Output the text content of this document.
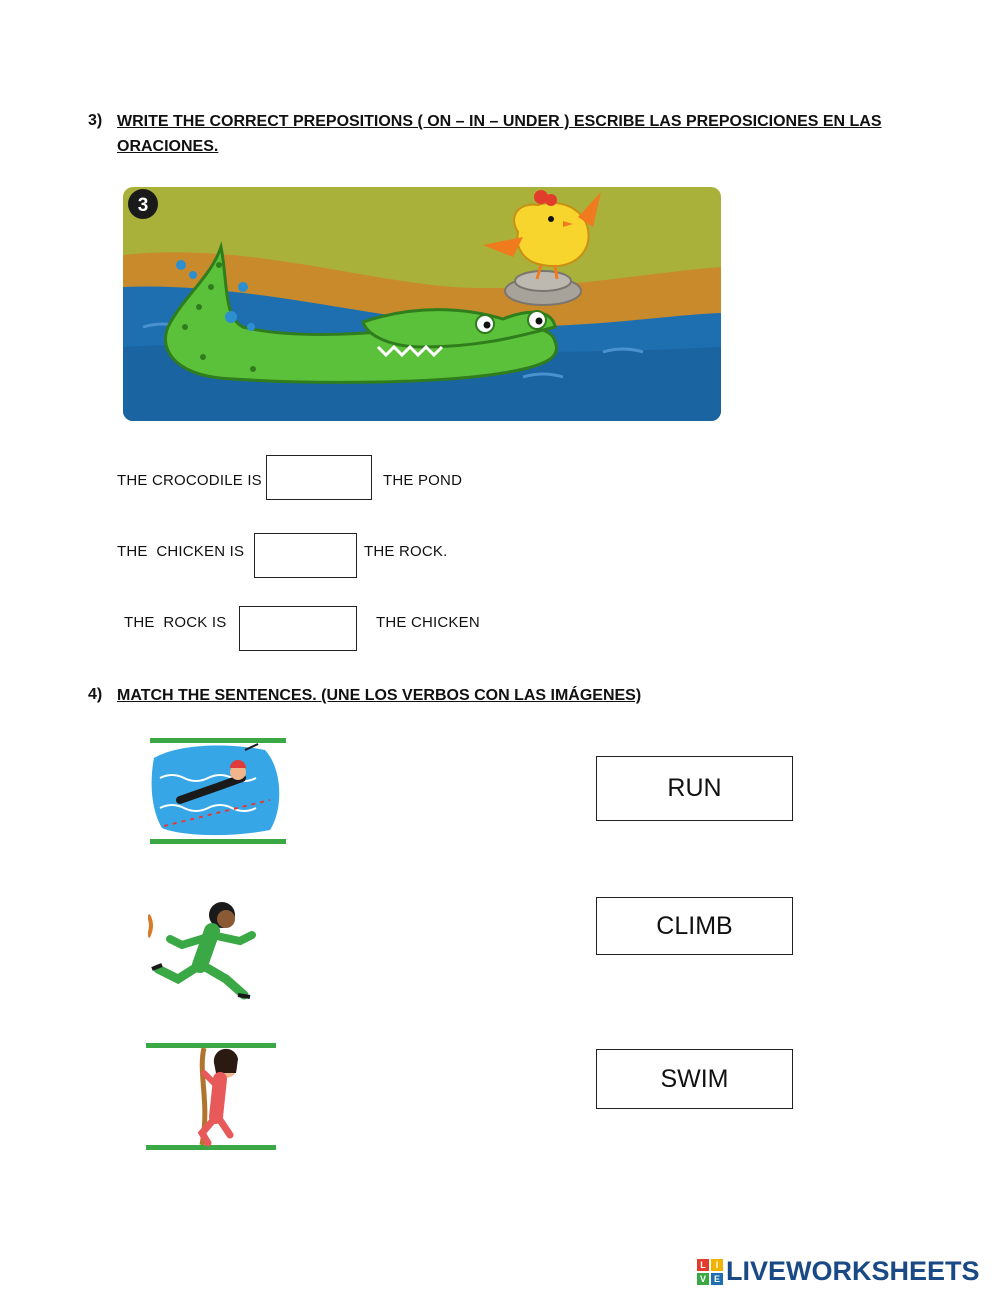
3) WRITE THE CORRECT PREPOSITIONS ( ON – IN – UNDER ) ESCRIBE LAS PREPOSICIONES EN LAS ORACIONES.
3
THE CROCODILE IS	THE POND
THE  CHICKEN IS	THE ROCK.
THE  ROCK IS	THE CHICKEN
4) MATCH THE SENTENCES. (UNE LOS VERBOS CON LAS IMÁGENES)
RUN
CLIMB
SWIM
L	I
V E LIVEWORKSHEETS
